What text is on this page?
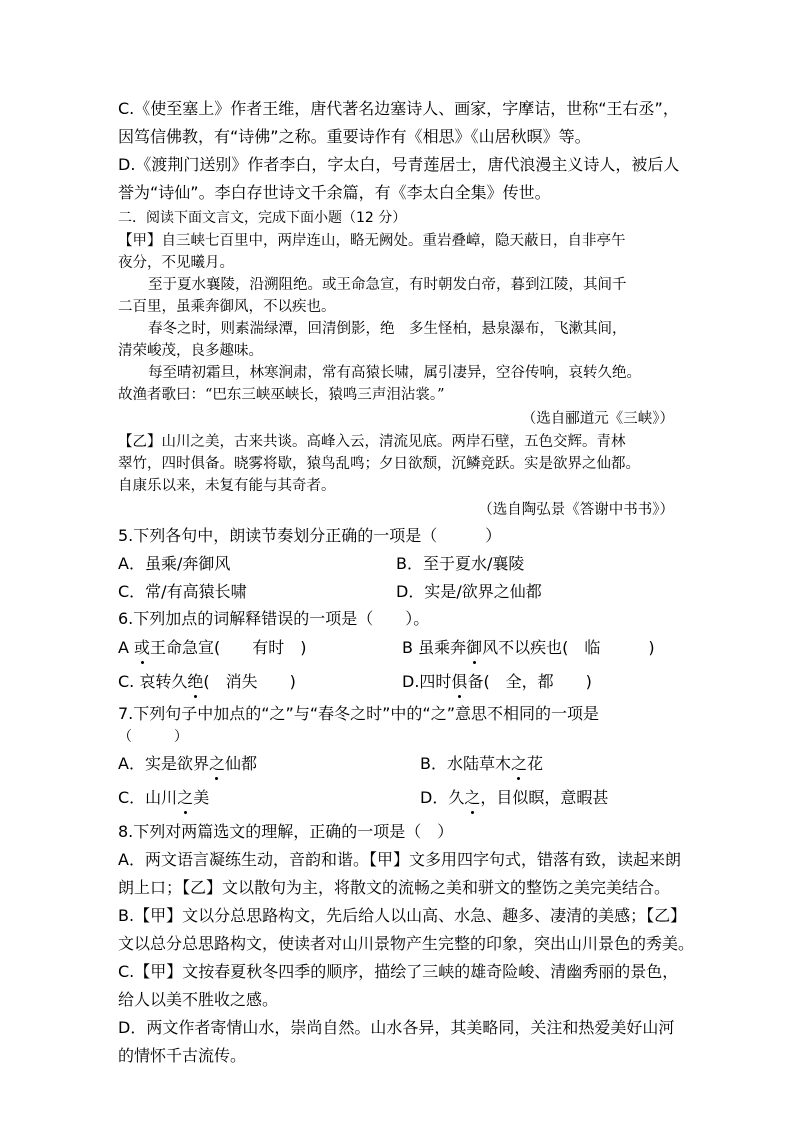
C.《使至塞上》作者王维，唐代著名边塞诗人、画家，字摩诘，世称“王右丞”，
因笃信佛教，有“诗佛”之称。重要诗作有《相思》《山居秋暝》等。
D.《渡荆门送别》作者李白，字太白，号青莲居士，唐代浪漫主义诗人，被后人
誉为“诗仙”。李白存世诗文千余篇，有《李太白全集》传世。
二．阅读下面文言文，完成下面小题（12 分）
【甲】自三峡七百里中，两岸连山，略无阙处。重岩叠嶂，隐天蔽日，自非亭午
夜分，不见曦月。
至于夏水襄陵，沿溯阻绝。或王命急宣，有时朝发白帝，暮到江陵，其间千
二百里，虽乘奔御风，不以疾也。
春冬之时，则素湍绿潭，回清倒影，绝　多生怪柏，悬泉瀑布，飞漱其间，
清荣峻茂，良多趣味。
每至晴初霜旦，林寒涧肃，常有高猿长啸，属引凄异，空谷传响，哀转久绝。
故渔者歌曰：“巴东三峡巫峡长，猿鸣三声泪沾裳。”
（选自郦道元《三峡》）
【乙】山川之美，古来共谈。高峰入云，清流见底。两岸石壁，五色交辉。青林
翠竹，四时俱备。晓雾将歇，猿鸟乱鸣；夕日欲颓，沉鳞竞跃。实是欲界之仙都。
自康乐以来，未复有能与其奇者。
（选自陶弘景《答谢中书书》）
5.下列各句中，朗读节奏划分正确的一项是（　　　）
A．虽乘/奔御风	B．至于夏水/襄陵
C．常/有高猿长啸	D．实是/欲界之仙都
6.下列加点的词解释错误的一项是（　　）。
A 或王命急宣(　　有时　)	B 虽乘奔御风不以疾也(　临　　　)
C. 哀转久绝(　消失　　)	D.四时俱备(　全，都　　)
7.下列句子中加点的“之”与“春冬之时”中的“之”意思不相同的一项是
（　　　）
A．实是欲界之仙都	B．水陆草木之花
C．山川之美	D．久之，目似瞑，意暇甚
8.下列对两篇选文的理解，正确的一项是（　）
A．两文语言凝练生动，音韵和谐。【甲】文多用四字句式，错落有致，读起来朗
朗上口；【乙】文以散句为主，将散文的流畅之美和骈文的整饬之美完美结合。
B.【甲】文以分总思路构文，先后给人以山高、水急、趣多、凄清的美感；【乙】
文以总分总思路构文，使读者对山川景物产生完整的印象，突出山川景色的秀美。
C.【甲】文按春夏秋冬四季的顺序，描绘了三峡的雄奇险峻、清幽秀丽的景色，
给人以美不胜收之感。
D．两文作者寄情山水，崇尚自然。山水各异，其美略同，关注和热爱美好山河
的情怀千古流传。
